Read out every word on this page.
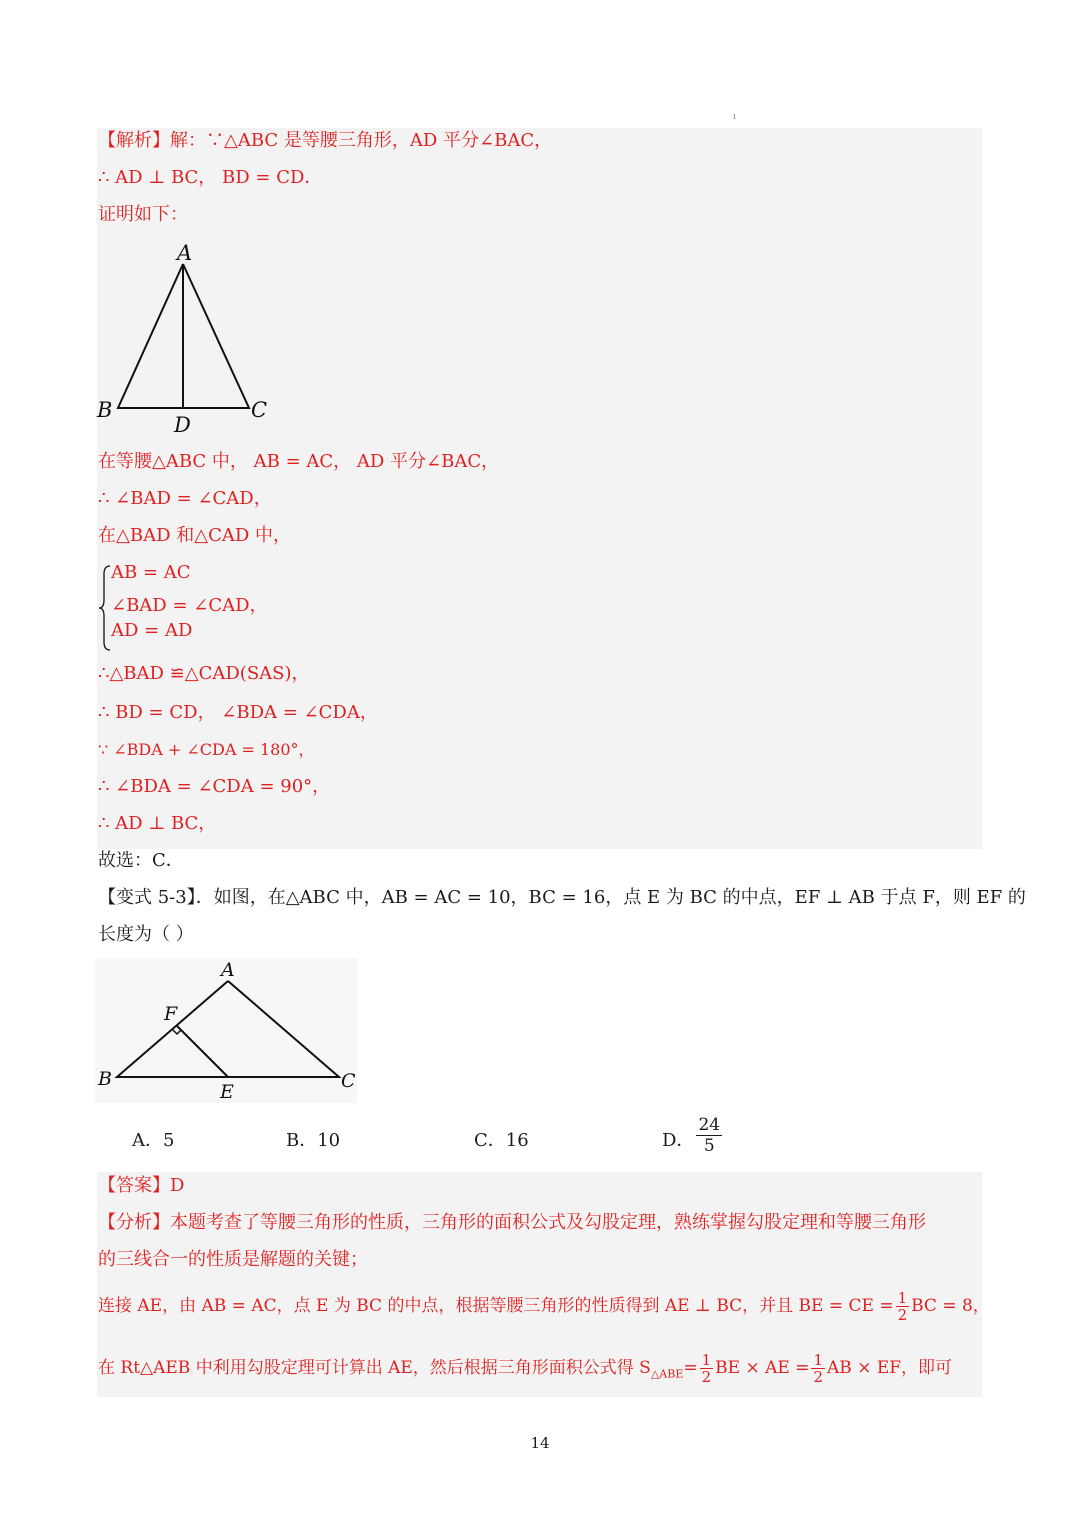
ı
【解析】解：∵△ABC 是等腰三角形，AD 平分∠BAC，
∴ AD ⊥ BC， BD = CD．
证明如下：
A
B	C
D
在等腰△ABC 中， AB = AC， AD 平分∠BAC，
∴ ∠BAD = ∠CAD，
在△BAD 和△CAD 中，
AB = AC
∠BAD = ∠CAD，
AD = AD
∴△BAD ≌△CAD(SAS)，
∴ BD = CD， ∠BDA = ∠CDA，
∵ ∠BDA + ∠CDA = 180°，
∴ ∠BDA = ∠CDA = 90°，
∴ AD ⊥ BC，
故选：C．
【变式 5-3】．如图，在△ABC 中，AB = AC = 10，BC = 16，点 E 为 BC 的中点，EF ⊥ AB 于点 F，则 EF 的
长度为（ ）
A
F
B
E	C
A．5	B．10	C．16	D． $\frac{24}{5}$
【答案】D
【分析】本题考查了等腰三角形的性质，三角形的面积公式及勾股定理，熟练掌握勾股定理和等腰三角形
的三线合一的性质是解题的关键；
连接 AE，由 AB = AC，点 E 为 BC 的中点，根据等腰三角形的性质得到 AE ⊥ BC，并且 BE = CE = $\frac{1}{2}$ BC = 8，
在 Rt△AEB 中利用勾股定理可计算出 AE，然后根据三角形面积公式得 $S_{\triangle ABE}= \frac{1}{2}$ BE × AE = $\frac{1}{2}$ AB × EF，即可
14
